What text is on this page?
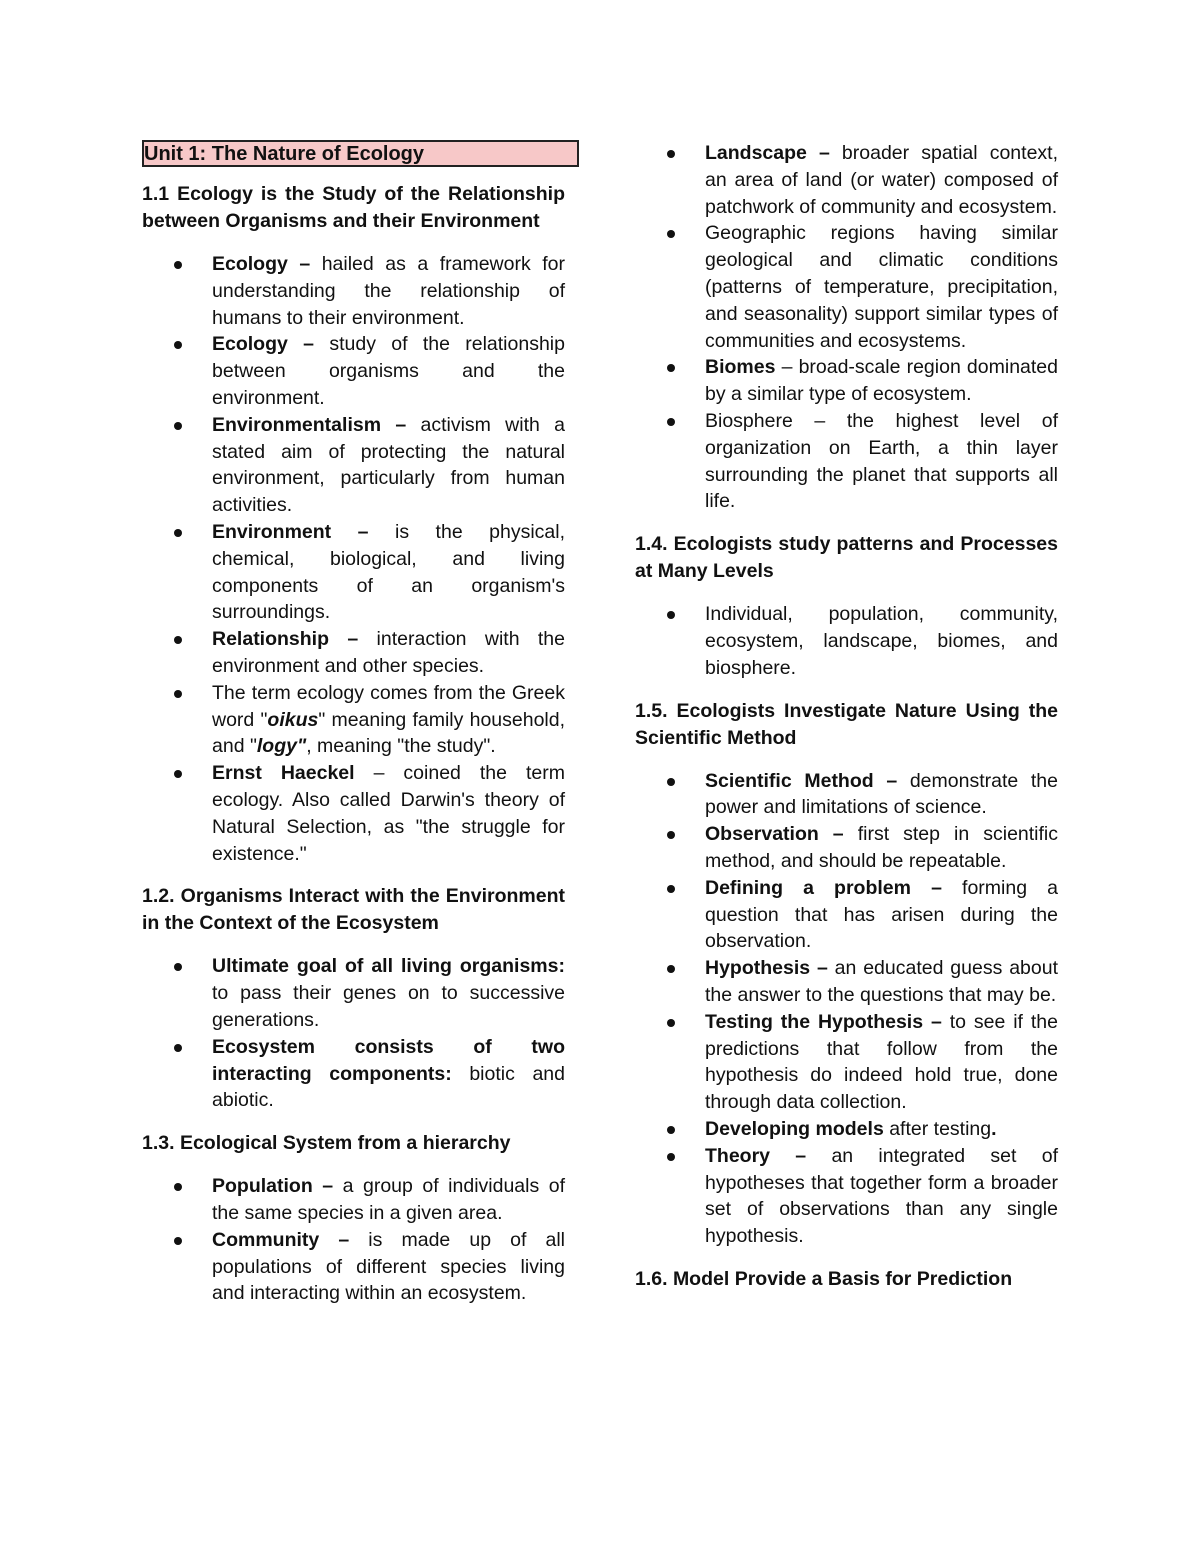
Unit 1: The Nature of Ecology
1.1 Ecology is the Study of the Relationship between Organisms and their Environment
Ecology – hailed as a framework for understanding the relationship of humans to their environment.
Ecology – study of the relationship between organisms and the environment.
Environmentalism – activism with a stated aim of protecting the natural environment, particularly from human activities.
Environment – is the physical, chemical, biological, and living components of an organism's surroundings.
Relationship – interaction with the environment and other species.
The term ecology comes from the Greek word "oikus" meaning family household, and "logy", meaning "the study".
Ernst Haeckel – coined the term ecology. Also called Darwin's theory of Natural Selection, as "the struggle for existence."
1.2. Organisms Interact with the Environment in the Context of the Ecosystem
Ultimate goal of all living organisms: to pass their genes on to successive generations.
Ecosystem consists of two interacting components: biotic and abiotic.
1.3. Ecological System from a hierarchy
Population – a group of individuals of the same species in a given area.
Community – is made up of all populations of different species living and interacting within an ecosystem.
Landscape – broader spatial context, an area of land (or water) composed of patchwork of community and ecosystem.
Geographic regions having similar geological and climatic conditions (patterns of temperature, precipitation, and seasonality) support similar types of communities and ecosystems.
Biomes – broad-scale region dominated by a similar type of ecosystem.
Biosphere – the highest level of organization on Earth, a thin layer surrounding the planet that supports all life.
1.4. Ecologists study patterns and Processes at Many Levels
Individual, population, community, ecosystem, landscape, biomes, and biosphere.
1.5. Ecologists Investigate Nature Using the Scientific Method
Scientific Method – demonstrate the power and limitations of science.
Observation – first step in scientific method, and should be repeatable.
Defining a problem – forming a question that has arisen during the observation.
Hypothesis – an educated guess about the answer to the questions that may be.
Testing the Hypothesis – to see if the predictions that follow from the hypothesis do indeed hold true, done through data collection.
Developing models after testing.
Theory – an integrated set of hypotheses that together form a broader set of observations than any single hypothesis.
1.6. Model Provide a Basis for Prediction
